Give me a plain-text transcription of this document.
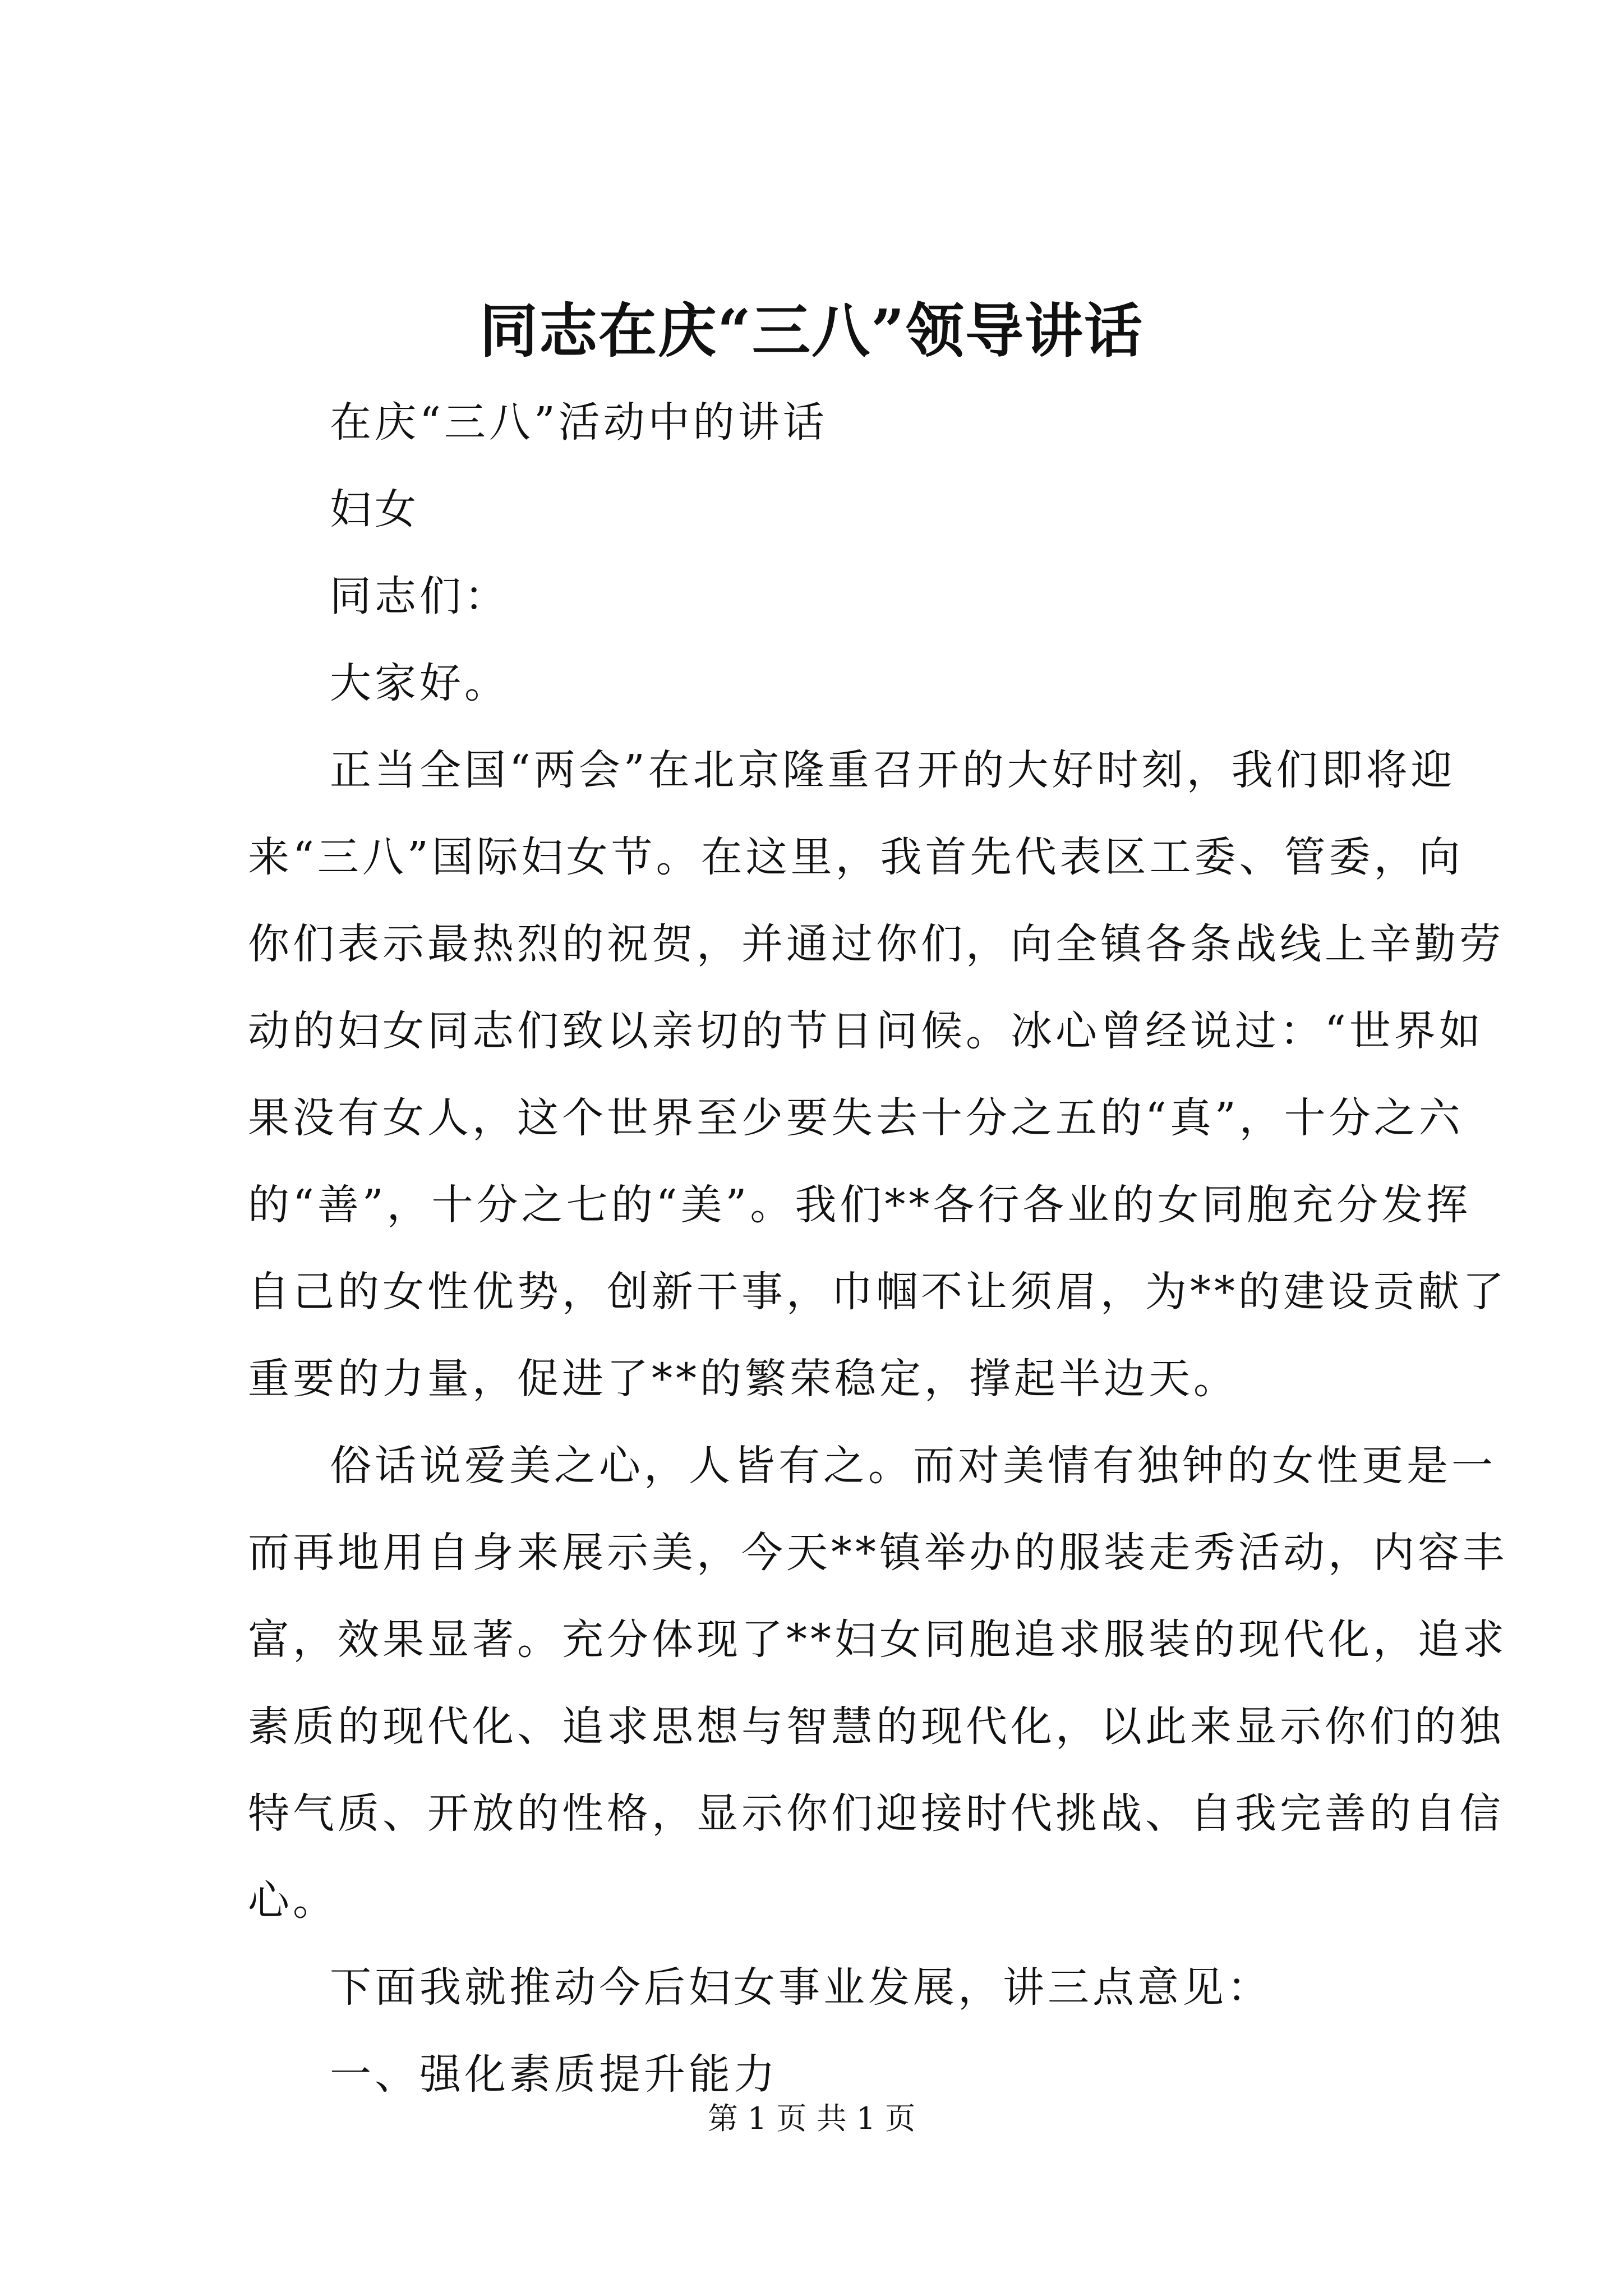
同志在庆“三八”领导讲话
在庆“三八”活动中的讲话
妇女
同志们：
大家好。
正当全国“两会”在北京隆重召开的大好时刻，我们即将迎
来“三八”国际妇女节。在这里，我首先代表区工委、管委，向
你们表示最热烈的祝贺，并通过你们，向全镇各条战线上辛勤劳
动的妇女同志们致以亲切的节日问候。冰心曾经说过：“世界如
果没有女人，这个世界至少要失去十分之五的“真”，十分之六
的“善”，十分之七的“美”。我们**各行各业的女同胞充分发挥
自己的女性优势，创新干事，巾帼不让须眉，为**的建设贡献了
重要的力量，促进了**的繁荣稳定，撑起半边天。
俗话说爱美之心，人皆有之。而对美情有独钟的女性更是一
而再地用自身来展示美，今天**镇举办的服装走秀活动，内容丰
富，效果显著。充分体现了**妇女同胞追求服装的现代化，追求
素质的现代化、追求思想与智慧的现代化，以此来显示你们的独
特气质、开放的性格，显示你们迎接时代挑战、自我完善的自信
心。
下面我就推动今后妇女事业发展，讲三点意见：
一、强化素质提升能力
第 1 页 共 1 页
